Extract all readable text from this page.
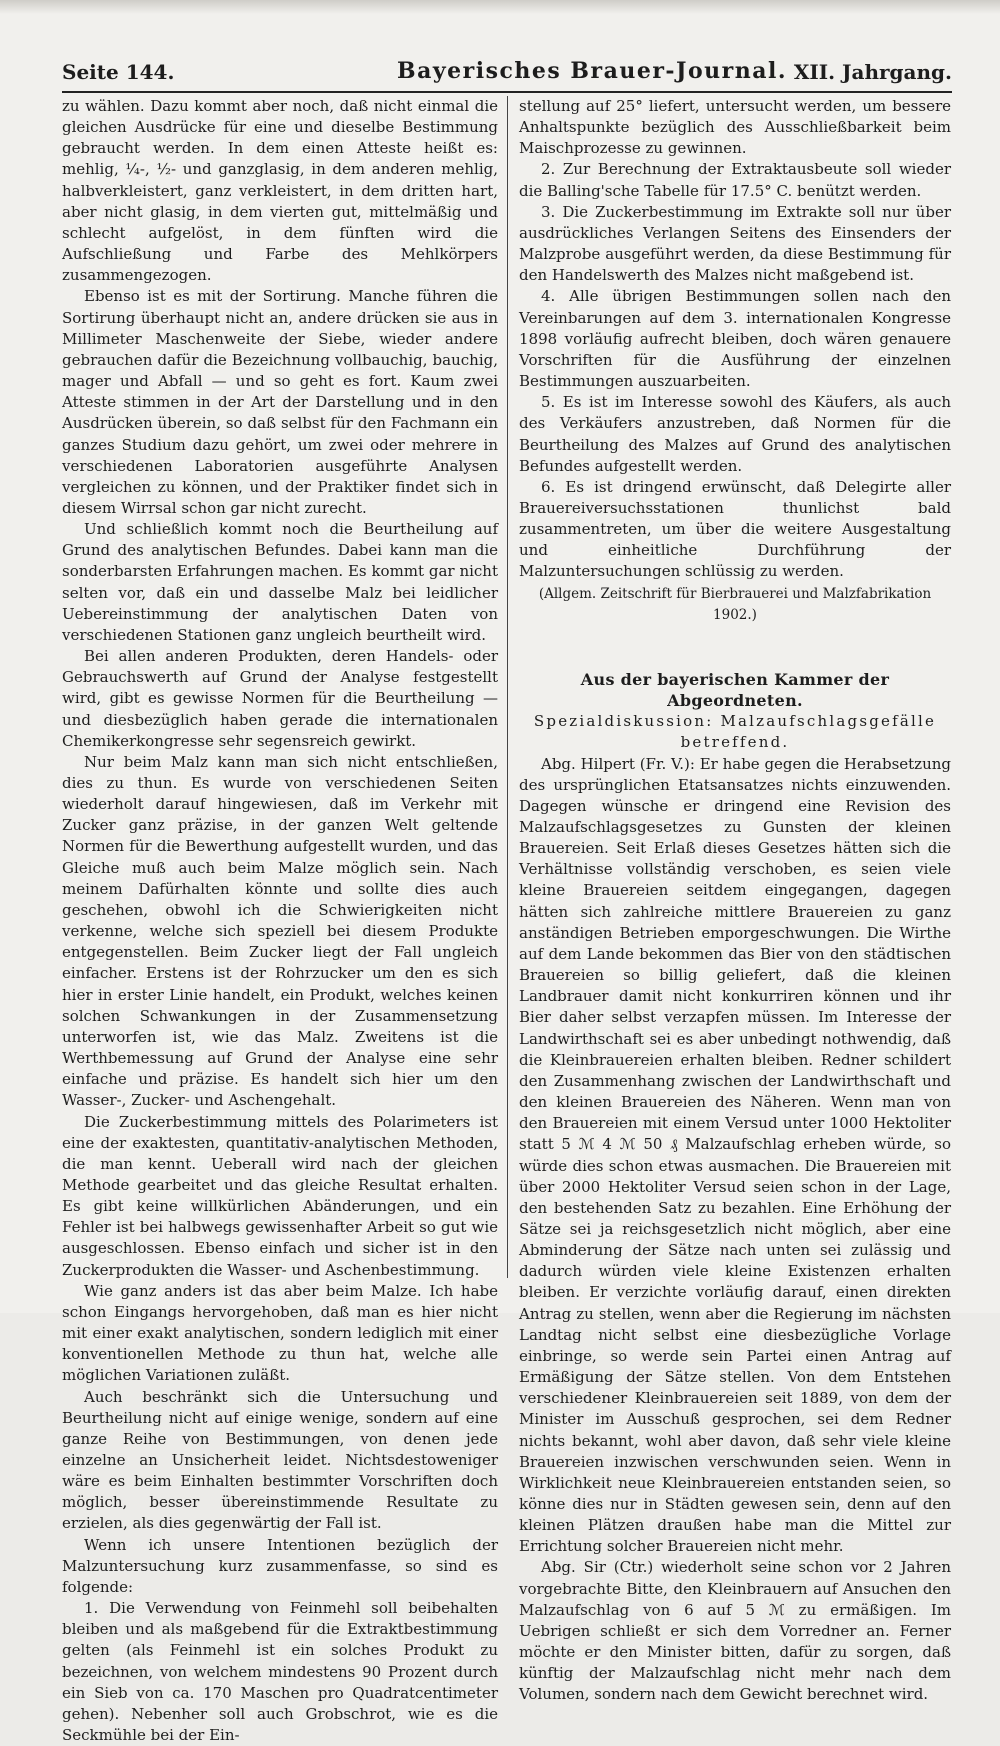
Seite 144.	Bayerisches Brauer-Journal. XII. Jahrgang.

zu wählen. Dazu kommt aber noch, daß nicht einmal die gleichen Ausdrücke für eine und dieselbe Bestimmung gebraucht werden. In dem einen Atteste heißt es: mehlig, ¼-, ½- und ganzglasig, in dem anderen mehlig, halbverkleistert, ganz verkleistert, in dem dritten hart, aber nicht glasig, in dem vierten gut, mittelmäßig und schlecht aufgelöst, in dem fünften wird die Aufschließung und Farbe des Mehlkörpers zusammengezogen.

Ebenso ist es mit der Sortirung. Manche führen die Sortirung überhaupt nicht an, andere drücken sie aus in Millimeter Maschenweite der Siebe, wieder andere gebrauchen dafür die Bezeichnung vollbauchig, bauchig, mager und Abfall — und so geht es fort. Kaum zwei Atteste stimmen in der Art der Darstellung und in den Ausdrücken überein, so daß selbst für den Fachmann ein ganzes Studium dazu gehört, um zwei oder mehrere in verschiedenen Laboratorien ausgeführte Analysen vergleichen zu können, und der Praktiker findet sich in diesem Wirrsal schon gar nicht zurecht.

Und schließlich kommt noch die Beurtheilung auf Grund des analytischen Befundes. Dabei kann man die sonderbarsten Erfahrungen machen. Es kommt gar nicht selten vor, daß ein und dasselbe Malz bei leidlicher Uebereinstimmung der analytischen Daten von verschiedenen Stationen ganz ungleich beurtheilt wird.

Bei allen anderen Produkten, deren Handels- oder Gebrauchswerth auf Grund der Analyse festgestellt wird, gibt es gewisse Normen für die Beurtheilung — und diesbezüglich haben gerade die internationalen Chemikerkongresse sehr segensreich gewirkt.

Nur beim Malz kann man sich nicht entschließen, dies zu thun. Es wurde von verschiedenen Seiten wiederholt darauf hingewiesen, daß im Verkehr mit Zucker ganz präzise, in der ganzen Welt geltende Normen für die Bewerthung aufgestellt wurden, und das Gleiche muß auch beim Malze möglich sein. Nach meinem Dafürhalten könnte und sollte dies auch geschehen, obwohl ich die Schwierigkeiten nicht verkenne, welche sich speziell bei diesem Produkte entgegenstellen. Beim Zucker liegt der Fall ungleich einfacher. Erstens ist der Rohrzucker um den es sich hier in erster Linie handelt, ein Produkt, welches keinen solchen Schwankungen in der Zusammensetzung unterworfen ist, wie das Malz. Zweitens ist die Werthbemessung auf Grund der Analyse eine sehr einfache und präzise. Es handelt sich hier um den Wasser-, Zucker- und Aschengehalt.

Die Zuckerbestimmung mittels des Polarimeters ist eine der exaktesten, quantitativ-analytischen Methoden, die man kennt. Ueberall wird nach der gleichen Methode gearbeitet und das gleiche Resultat erhalten. Es gibt keine willkürlichen Abänderungen, und ein Fehler ist bei halbwegs gewissenhafter Arbeit so gut wie ausgeschlossen. Ebenso einfach und sicher ist in den Zuckerprodukten die Wasser- und Aschenbestimmung.

Wie ganz anders ist das aber beim Malze. Ich habe schon Eingangs hervorgehoben, daß man es hier nicht mit einer exakt analytischen, sondern lediglich mit einer konventionellen Methode zu thun hat, welche alle möglichen Variationen zuläßt.

Auch beschränkt sich die Untersuchung und Beurtheilung nicht auf einige wenige, sondern auf eine ganze Reihe von Bestimmungen, von denen jede einzelne an Unsicherheit leidet. Nichtsdestoweniger wäre es beim Einhalten bestimmter Vorschriften doch möglich, besser übereinstimmende Resultate zu erzielen, als dies gegenwärtig der Fall ist.

Wenn ich unsere Intentionen bezüglich der Malzuntersuchung kurz zusammenfasse, so sind es folgende:

1. Die Verwendung von Feinmehl soll beibehalten bleiben und als maßgebend für die Extraktbestimmung gelten (als Feinmehl ist ein solches Produkt zu bezeichnen, von welchem mindestens 90 Prozent durch ein Sieb von ca. 170 Maschen pro Quadratcentimeter gehen). Nebenher soll auch Grobschrot, wie es die Seckmühle bei der Ein-

stellung auf 25° liefert, untersucht werden, um bessere Anhaltspunkte bezüglich des Ausschließbarkeit beim Maischprozesse zu gewinnen.

2. Zur Berechnung der Extraktausbeute soll wieder die Balling'sche Tabelle für 17.5° C. benützt werden.

3. Die Zuckerbestimmung im Extrakte soll nur über ausdrückliches Verlangen Seitens des Einsenders der Malzprobe ausgeführt werden, da diese Bestimmung für den Handelswerth des Malzes nicht maßgebend ist.

4. Alle übrigen Bestimmungen sollen nach den Vereinbarungen auf dem 3. internationalen Kongresse 1898 vorläufig aufrecht bleiben, doch wären genauere Vorschriften für die Ausführung der einzelnen Bestimmungen auszuarbeiten.

5. Es ist im Interesse sowohl des Käufers, als auch des Verkäufers anzustreben, daß Normen für die Beurtheilung des Malzes auf Grund des analytischen Befundes aufgestellt werden.

6. Es ist dringend erwünscht, daß Delegirte aller Brauereiversuchsstationen thunlichst bald zusammentreten, um über die weitere Ausgestaltung und einheitliche Durchführung der Malzuntersuchungen schlüssig zu werden.

(Allgem. Zeitschrift für Bierbrauerei und Malzfabrikation 1902.)

Aus der bayerischen Kammer der Abgeordneten.

Spezialdiskussion: Malzaufschlagsgefälle betreffend.

Abg. Hilpert (Fr. V.): Er habe gegen die Herabsetzung des ursprünglichen Etatsansatzes nichts einzuwenden. Dagegen wünsche er dringend eine Revision des Malzaufschlagsgesetzes zu Gunsten der kleinen Brauereien. Seit Erlaß dieses Gesetzes hätten sich die Verhältnisse vollständig verschoben, es seien viele kleine Brauereien seitdem eingegangen, dagegen hätten sich zahlreiche mittlere Brauereien zu ganz anständigen Betrieben emporgeschwungen. Die Wirthe auf dem Lande bekommen das Bier von den städtischen Brauereien so billig geliefert, daß die kleinen Landbrauer damit nicht konkurriren können und ihr Bier daher selbst verzapfen müssen. Im Interesse der Landwirthschaft sei es aber unbedingt nothwendig, daß die Kleinbrauereien erhalten bleiben. Redner schildert den Zusammenhang zwischen der Landwirthschaft und den kleinen Brauereien des Näheren. Wenn man von den Brauereien mit einem Versud unter 1000 Hektoliter statt 5 ℳ 4 ℳ 50 ₰ Malzaufschlag erheben würde, so würde dies schon etwas ausmachen. Die Brauereien mit über 2000 Hektoliter Versud seien schon in der Lage, den bestehenden Satz zu bezahlen. Eine Erhöhung der Sätze sei ja reichsgesetzlich nicht möglich, aber eine Abminderung der Sätze nach unten sei zulässig und dadurch würden viele kleine Existenzen erhalten bleiben. Er verzichte vorläufig darauf, einen direkten Antrag zu stellen, wenn aber die Regierung im nächsten Landtag nicht selbst eine diesbezügliche Vorlage einbringe, so werde sein Partei einen Antrag auf Ermäßigung der Sätze stellen. Von dem Entstehen verschiedener Kleinbrauereien seit 1889, von dem der Minister im Ausschuß gesprochen, sei dem Redner nichts bekannt, wohl aber davon, daß sehr viele kleine Brauereien inzwischen verschwunden seien. Wenn in Wirklichkeit neue Kleinbrauereien entstanden seien, so könne dies nur in Städten gewesen sein, denn auf den kleinen Plätzen draußen habe man die Mittel zur Errichtung solcher Brauereien nicht mehr.

Abg. Sir (Ctr.) wiederholt seine schon vor 2 Jahren vorgebrachte Bitte, den Kleinbrauern auf Ansuchen den Malzaufschlag von 6 auf 5 ℳ zu ermäßigen. Im Uebrigen schließt er sich dem Vorredner an. Ferner möchte er den Minister bitten, dafür zu sorgen, daß künftig der Malzaufschlag nicht mehr nach dem Volumen, sondern nach dem Gewicht berechnet wird.
